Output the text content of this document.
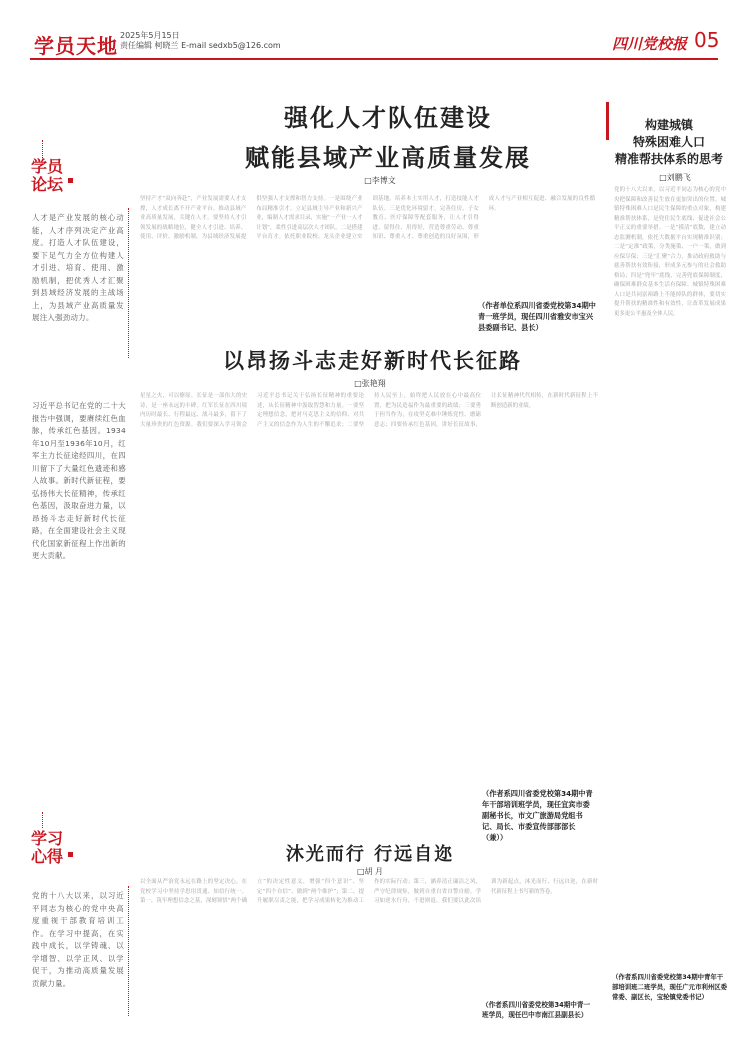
学员天地 2025年5月15日
责任编辑 柯晓兰 E-mail sedxb5@126.com	四川党校报 05
学员
论坛
人才是产业发展的核心动能，人才序列决定产业高度。打造人才队伍建设，要下足气力全方位构建人才引进、培育、使用、激励机制，把优秀人才汇聚到县域经济发展的主战场上，为县域产业高质量发展注入强劲动力。
强化人才队伍建设
赋能县域产业高质量发展
□李博文
坚持产才“双向奔赴”，产业发展需要人才支撑，人才成长离不开产业平台。推动县域产业高质量发展，关键在人才。要坚持人才引领发展的战略地位，健全人才引进、培养、使用、评价、激励机制，为县域经济发展提供坚强人才支撑和智力支持。一是围绕产业布局精准引才。立足县域主导产业和新兴产业，编制人才需求目录，实施“一产业一人才计划”，柔性引进高层次人才团队。二是搭建平台育才。依托职业院校、龙头企业建立实训基地，培养本土实用人才，打造技能人才队伍。三是优化环境留才。完善住房、子女教育、医疗保障等配套服务，让人才引得进、留得住、用得好，营造尊重劳动、尊重知识、尊重人才、尊重创造的良好氛围，形成人才与产业相互促进、融合发展的良性循环。
（作者单位系四川省委党校第34期中青一班学员，现任四川省雅安市宝兴县委副书记、县长）
构建城镇
特殊困难人口
精准帮扶体系的思考
□刘鹏飞
党的十八大以来，以习近平同志为核心的党中央把保障和改善民生放在更加突出的位置。城镇特殊困难人口是民生保障的重点对象，构建精准帮扶体系，是兜住民生底线、促进社会公平正义的重要举措。一是“摸清”底数，建立动态监测机制，依托大数据平台实现精准识别；二是“定准”政策，分类施策、一户一策，做到应保尽保；三是“汇聚”合力，推动政府救助与慈善帮扶有效衔接，形成多元参与的社会救助格局；四是“兜牢”底线，完善兜底保障制度，确保困难群众基本生活有保障。城镇特殊困难人口是共同富裕路上不能掉队的群体，要切实提升帮扶的精准性和有效性，让改革发展成果更多更公平惠及全体人民。
（作者系四川省委党校第34期中青年干部培训班二班学员，现任广元市利州区委常委、副区长，宝轮镇党委书记）
以昂扬斗志走好新时代长征路
□张艳翔
习近平总书记在党的二十大报告中强调，要赓续红色血脉，传承红色基因。1934年10月至1936年10月，红军主力长征途经四川，在四川留下了大量红色遗迹和感人故事。新时代新征程，要弘扬伟大长征精神，传承红色基因，汲取奋进力量，以昂扬斗志走好新时代长征路，在全面建设社会主义现代化国家新征程上作出新的更大贡献。
星星之火，可以燎原。长征是一部伟大的史诗，是一座永远的丰碑。红军长征在四川境内历时最长、行程最远、战斗最多，留下了大量珍贵的红色资源。我们要深入学习领会习近平总书记关于弘扬长征精神的重要论述，从长征精神中汲取智慧和力量。一要坚定理想信念，把对马克思主义的信仰、对共产主义的信念作为人生的不懈追求；二要坚持人民至上，始终把人民放在心中最高位置，把为民造福作为最重要的政绩；三要勇于担当作为，在攻坚克难中锤炼党性、磨砺意志；四要传承红色基因，讲好长征故事，让长征精神代代相传，在新时代新征程上不断创造新的业绩。
（作者系四川省委党校第34期中青年干部培训班学员，现任宜宾市委副秘书长，市文广旅游局党组书记、局长、市委宣传部部部长（兼））
学习
心得
党的十八大以来，以习近平同志为核心的党中央高度重视干部教育培训工作。在学习中提高，在实践中成长，以学铸魂、以学增智、以学正风、以学促干，为推动高质量发展贡献力量。
沐光而行 行远自迩
□胡 月
以全面从严治党永远在路上的坚定决心，在党校学习中坚持学思用贯通、知信行统一。第一，筑牢理想信念之基，深刻领悟“两个确立”的决定性意义，增强“四个意识”、坚定“四个自信”、做到“两个维护”；第二，提升履职尽责之能，把学习成果转化为推动工作的实际行动；第三，涵养清正廉洁之风，严守纪律规矩，做到自重自省自警自励。学习如逆水行舟，不进则退。我们要以此次培训为新起点，沐光而行、行远自迩，在新时代新征程上书写新的答卷。
（作者系四川省委党校第34期中青一班学员，现任巴中市南江县副县长）
